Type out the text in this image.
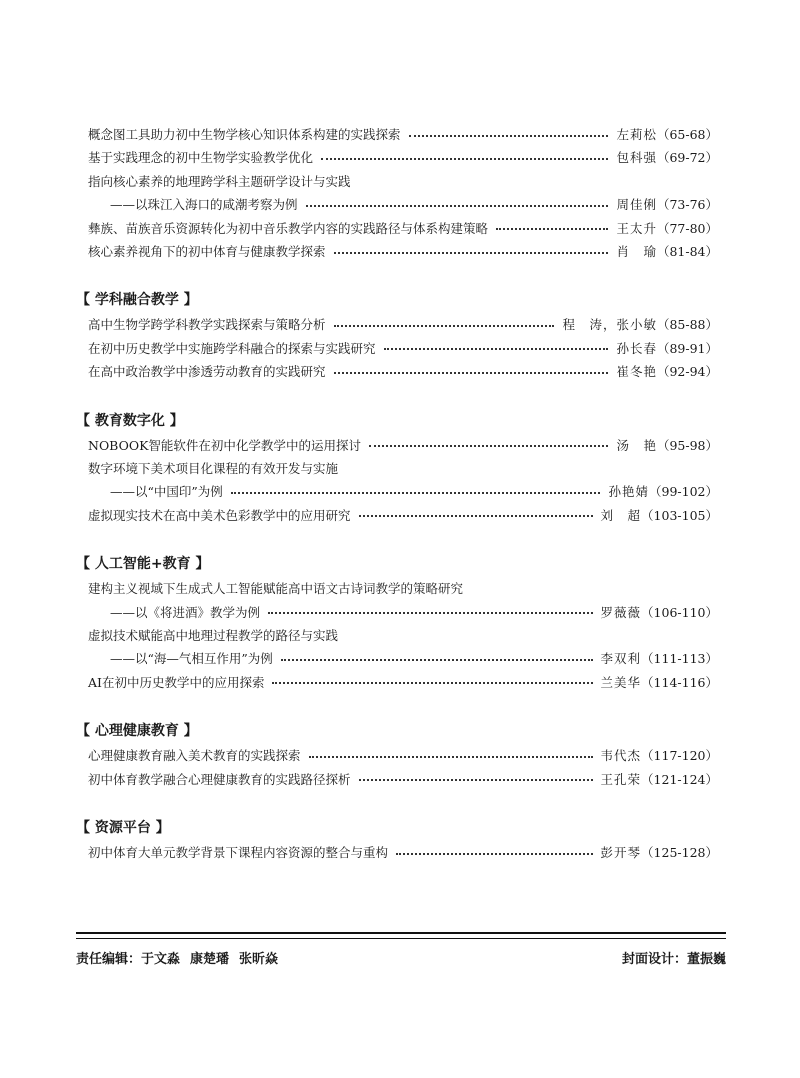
概念图工具助力初中生物学核心知识体系构建的实践探索	左莉松 （65-68）
基于实践理念的初中生物学实验教学优化	包科强 （69-72）
指向核心素养的地理跨学科主题研学设计与实践
——以珠江入海口的咸潮考察为例	周佳俐 （73-76）
彝族、苗族音乐资源转化为初中音乐教学内容的实践路径与体系构建策略	王太升 （77-80）
核心素养视角下的初中体育与健康教学探索	肖　瑜 （81-84）
【 学科融合教学 】
高中生物学跨学科教学实践探索与策略分析	程　涛，张小敏 （85-88）
在初中历史教学中实施跨学科融合的探索与实践研究	孙长春 （89-91）
在高中政治教学中渗透劳动教育的实践研究	崔冬艳 （92-94）
【 教育数字化 】
NOBOOK智能软件在初中化学教学中的运用探讨	汤　艳 （95-98）
数字环境下美术项目化课程的有效开发与实施
——以“中国印”为例	孙艳婧 （99-102）
虚拟现实技术在高中美术色彩教学中的应用研究	刘　超 （103-105）
【 人工智能+教育 】
建构主义视域下生成式人工智能赋能高中语文古诗词教学的策略研究
——以《将进酒》教学为例	罗薇薇 （106-110）
虚拟技术赋能高中地理过程教学的路径与实践
——以“海—气相互作用”为例	李双利 （111-113）
AI在初中历史教学中的应用探索	兰美华 （114-116）
【 心理健康教育 】
心理健康教育融入美术教育的实践探索	韦代杰 （117-120）
初中体育教学融合心理健康教育的实践路径探析	王孔荣 （121-124）
【 资源平台 】
初中体育大单元教学背景下课程内容资源的整合与重构	彭开琴 （125-128）
责任编辑：于文淼 康楚璠 张昕焱	封面设计：董振巍
